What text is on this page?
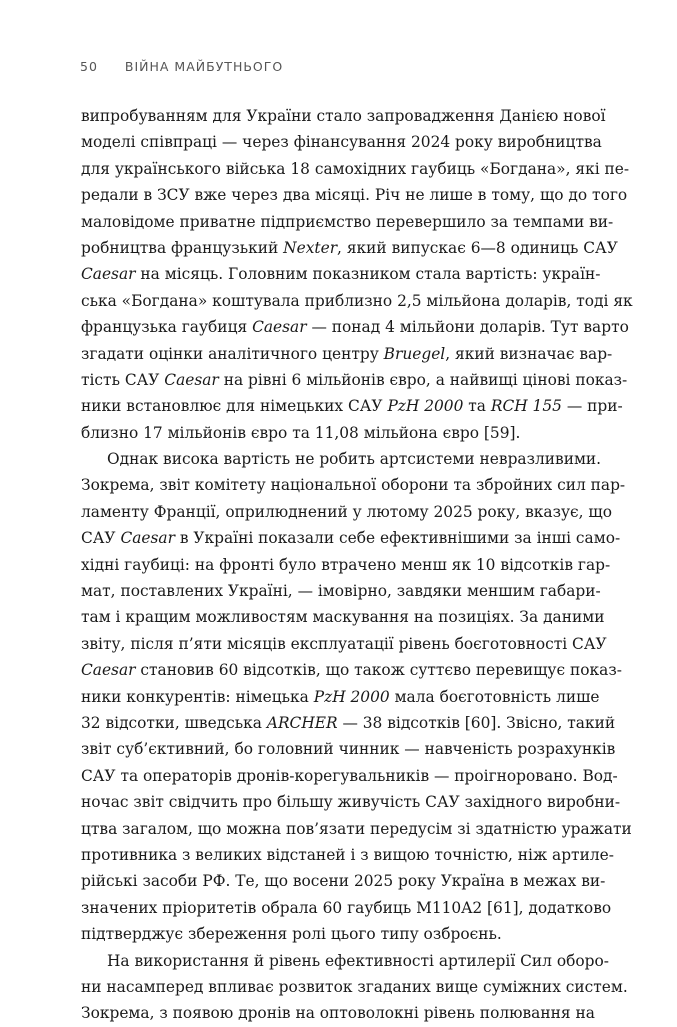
50 ВІЙНА МАЙБУТНЬОГО
випробуванням для України стало запровадження Данією нової
моделі співпраці — через фінансування 2024 року виробництва
для українського війська 18 самохідних гаубиць «Богдана», які пе-
редали в ЗСУ вже через два місяці. Річ не лише в тому, що до того
маловідоме приватне підприємство перевершило за темпами ви-
робництва французький Nexter, який випускає 6—8 одиниць САУ
Caesar на місяць. Головним показником стала вартість: україн-
ська «Богдана» коштувала приблизно 2,5 мільйона доларів, тоді як
французька гаубиця Caesar — понад 4 мільйони доларів. Тут варто
згадати оцінки аналітичного центру Bruegel, який визначає вар-
тість САУ Caesar на рівні 6 мільйонів євро, а найвищі цінові показ-
ники встановлює для німецьких САУ PzH 2000 та RCH 155 — при-
близно 17 мільйонів євро та 11,08 мільйона євро [59].
Однак висока вартість не робить артсистеми невразливими.
Зокрема, звіт комітету національної оборони та збройних сил пар-
ламенту Франції, оприлюднений у лютому 2025 року, вказує, що
САУ Caesar в Україні показали себе ефективнішими за інші само-
хідні гаубиці: на фронті було втрачено менш як 10 відсотків гар-
мат, поставлених Україні, — імовірно, завдяки меншим габари-
там і кращим можливостям маскування на позиціях. За даними
звіту, після п’яти місяців експлуатації рівень боєготовності САУ
Caesar становив 60 відсотків, що також суттєво перевищує показ-
ники конкурентів: німецька PzH 2000 мала боєготовність лише
32 відсотки, шведська ARCHER — 38 відсотків [60]. Звісно, такий
звіт суб’єктивний, бо головний чинник — навченість розрахунків
САУ та операторів дронів-корегувальників — проігноровано. Вод-
ночас звіт свідчить про більшу живучість САУ західного виробни-
цтва загалом, що можна пов’язати передусім зі здатністю уражати
противника з великих відстаней і з вищою точністю, ніж артиле-
рійські засоби РФ. Те, що восени 2025 року Україна в межах ви-
значених пріоритетів обрала 60 гаубиць M110A2 [61], додатково
підтверджує збереження ролі цього типу озброєнь.
На використання й рівень ефективності артилерії Сил оборо-
ни насамперед впливає розвиток згаданих вище суміжних систем.
Зокрема, з появою дронів на оптоволокні рівень полювання на
